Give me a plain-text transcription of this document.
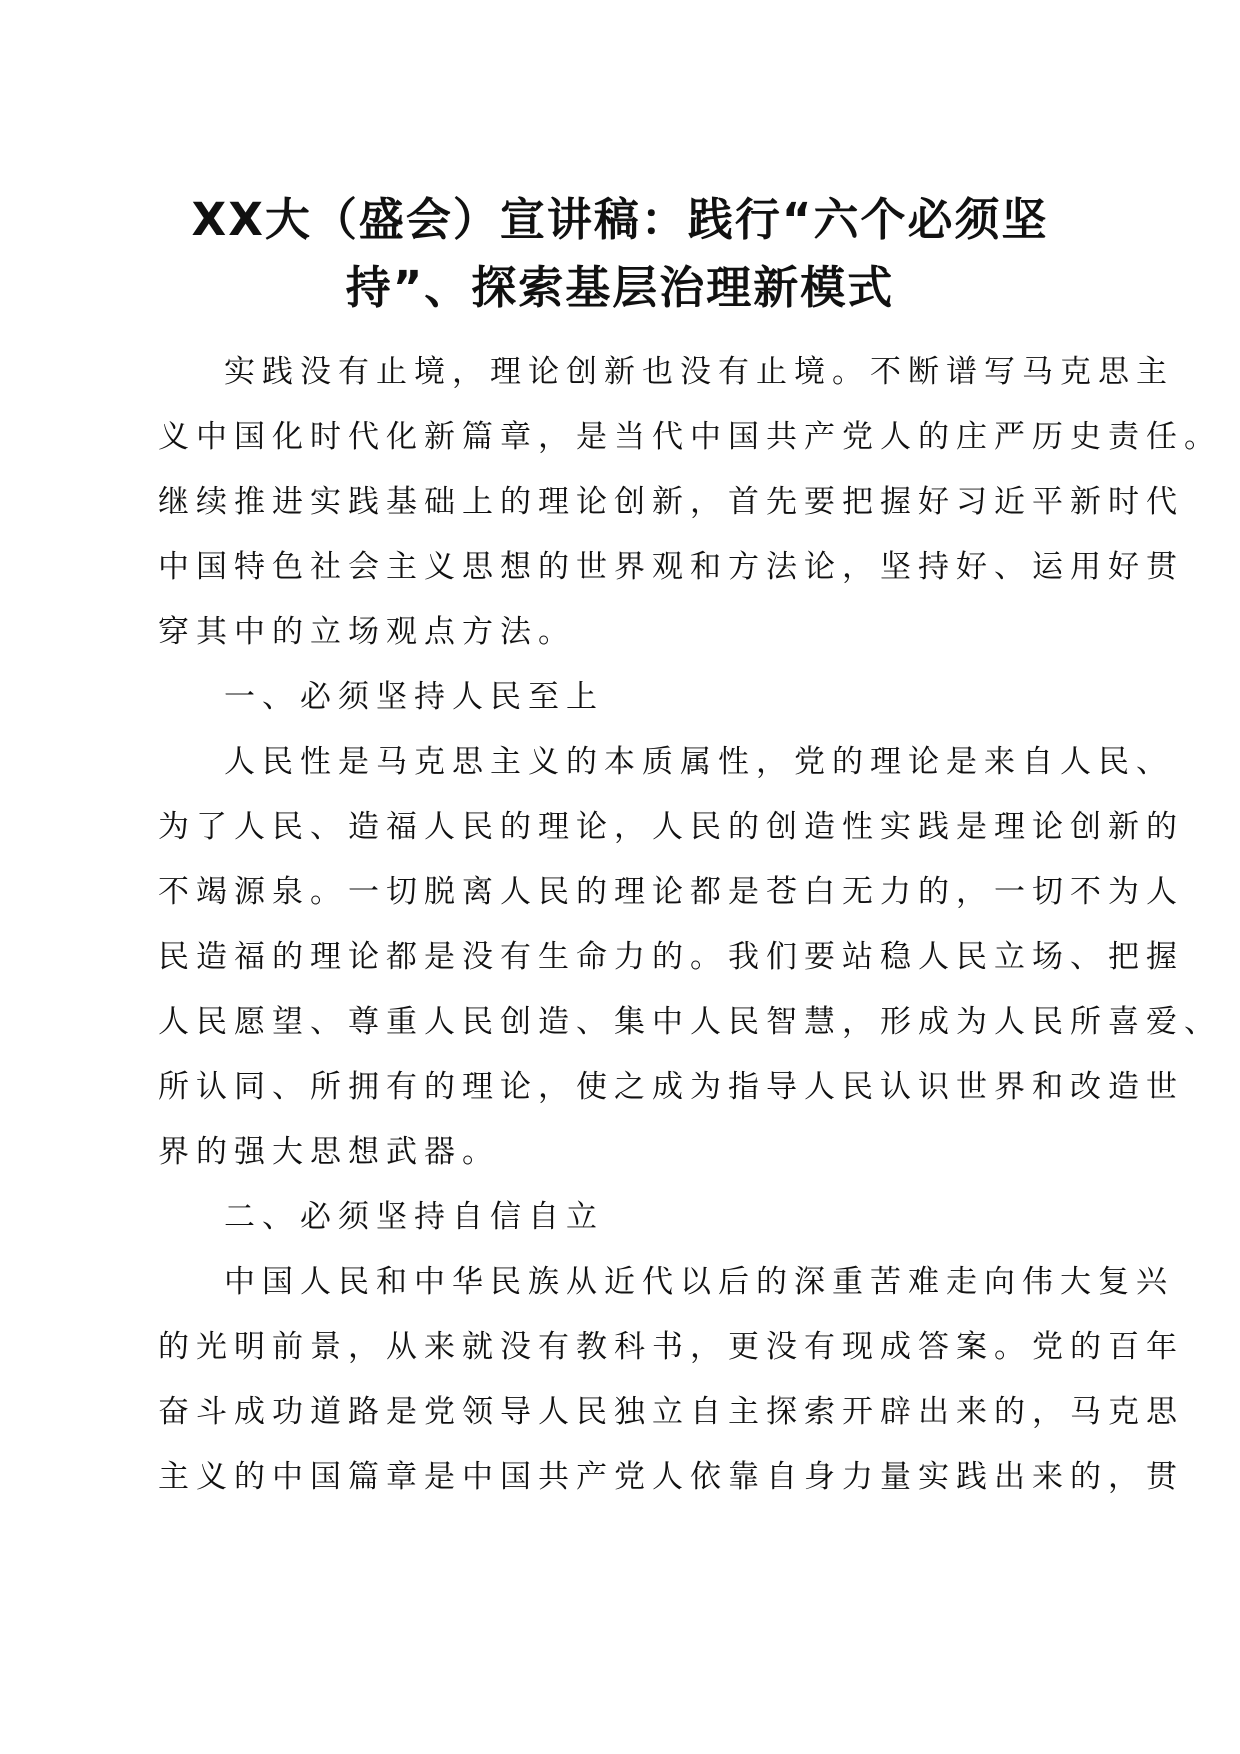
XX大（盛会）宣讲稿：践行“六个必须坚
持”、探索基层治理新模式

实践没有止境，理论创新也没有止境。不断谱写马克思主

义中国化时代化新篇章，是当代中国共产党人的庄严历史责任。

继续推进实践基础上的理论创新，首先要把握好习近平新时代

中国特色社会主义思想的世界观和方法论，坚持好、运用好贯

穿其中的立场观点方法。

一、必须坚持人民至上

人民性是马克思主义的本质属性，党的理论是来自人民、

为了人民、造福人民的理论，人民的创造性实践是理论创新的

不竭源泉。一切脱离人民的理论都是苍白无力的，一切不为人

民造福的理论都是没有生命力的。我们要站稳人民立场、把握

人民愿望、尊重人民创造、集中人民智慧，形成为人民所喜爱、

所认同、所拥有的理论，使之成为指导人民认识世界和改造世

界的强大思想武器。

二、必须坚持自信自立

中国人民和中华民族从近代以后的深重苦难走向伟大复兴

的光明前景，从来就没有教科书，更没有现成答案。党的百年

奋斗成功道路是党领导人民独立自主探索开辟出来的，马克思

主义的中国篇章是中国共产党人依靠自身力量实践出来的，贯
